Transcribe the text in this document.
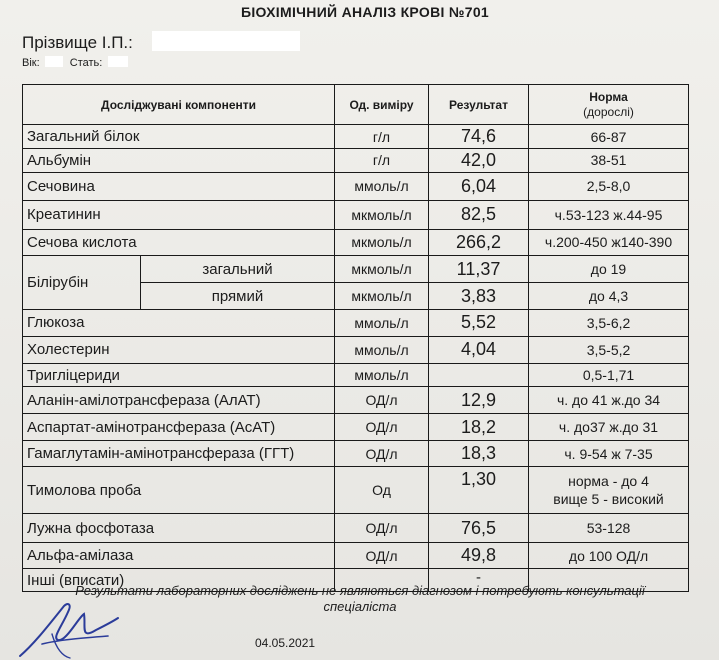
БІОХІМІЧНИЙ АНАЛІЗ КРОВІ №701
Прізвище І.П.:
Вік:	Стать:
Досліджувані компоненти		Од. виміру	Результат	Норма
(дорослі)
Загальний білок		г/л	74,6	66-87
Альбумін		г/л	42,0	38-51
Сечовина		ммоль/л	6,04	2,5-8,0
Креатинин		мкмоль/л	82,5	ч.53-123 ж.44-95
Сечова кислота		мкмоль/л	266,2	ч.200-450 ж140-390
Білірубін	загальний	мкмоль/л	11,37	до 19
	прямий	мкмоль/л	3,83	до 4,3
Глюкоза		ммоль/л	5,52	3,5-6,2
Холестерин		ммоль/л	4,04	3,5-5,2
Тригліцериди		ммоль/л		0,5-1,71
Аланін-амілотрансфераза (АлАТ)		ОД/л	12,9	ч. до 41 ж.до 34
Аспартат-амінотрансфераза (АсАТ)		ОД/л	18,2	ч. до37 ж.до 31
Гамаглутамін-амінотрансфераза (ГГТ)		ОД/л	18,3	ч. 9-54 ж 7-35
Тимолова проба		Од	1,30	норма - до 4
вище 5 - високий
Лужна фосфотаза		ОД/л	76,5	53-128
Альфа-амілаза		ОД/л	49,8	до 100 ОД/л
Інші (вписати)			-	
Результати лабораторних досліджень не являються діагнозом і потребують консультації
спеціаліста
04.05.2021
